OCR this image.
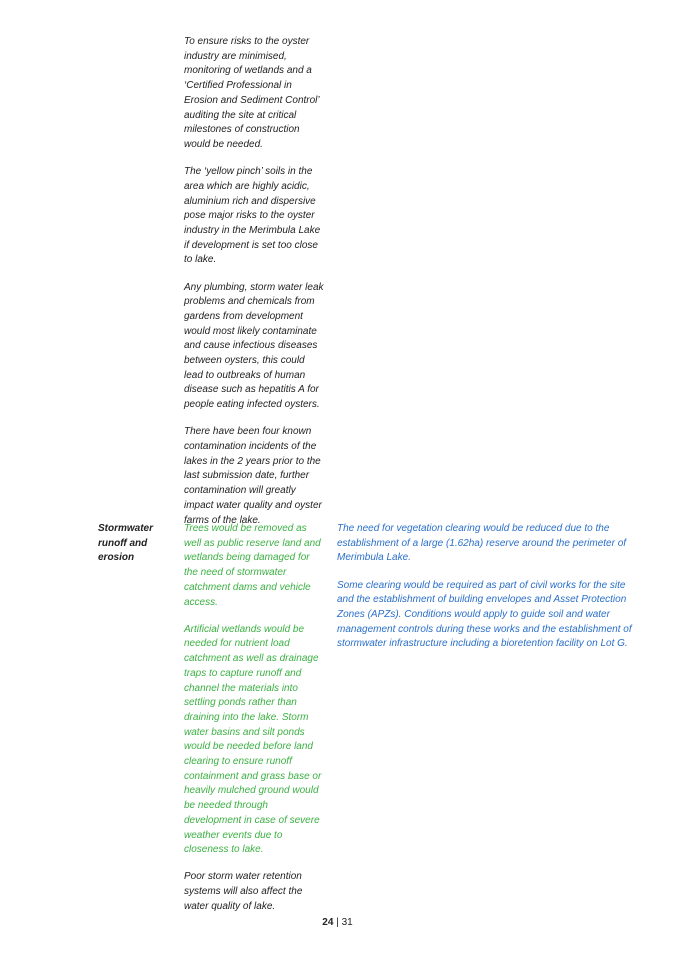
To ensure risks to the oyster industry are minimised, monitoring of wetlands and a ‘Certified Professional in Erosion and Sediment Control’ auditing the site at critical milestones of construction would be needed.

The ‘yellow pinch’ soils in the area which are highly acidic, aluminium rich and dispersive pose major risks to the oyster industry in the Merimbula Lake if development is set too close to lake.

Any plumbing, storm water leak problems and chemicals from gardens from development would most likely contaminate and cause infectious diseases between oysters, this could lead to outbreaks of human disease such as hepatitis A for people eating infected oysters.

There have been four known contamination incidents of the lakes in the 2 years prior to the last submission date, further contamination will greatly impact water quality and oyster farms of the lake.

Stormwater runoff and erosion

Trees would be removed as well as public reserve land and wetlands being damaged for the need of stormwater catchment dams and vehicle access.

Artificial wetlands would be needed for nutrient load catchment as well as drainage traps to capture runoff and channel the materials into settling ponds rather than draining into the lake. Storm water basins and silt ponds would be needed before land clearing to ensure runoff containment and grass base or heavily mulched ground would be needed through development in case of severe weather events due to closeness to lake.

Poor storm water retention systems will also affect the water quality of lake.

The need for vegetation clearing would be reduced due to the establishment of a large (1.62ha) reserve around the perimeter of Merimbula Lake.

Some clearing would be required as part of civil works for the site and the establishment of building envelopes and Asset Protection Zones (APZs). Conditions would apply to guide soil and water management controls during these works and the establishment of stormwater infrastructure including a bioretention facility on Lot G.

24 | 31
